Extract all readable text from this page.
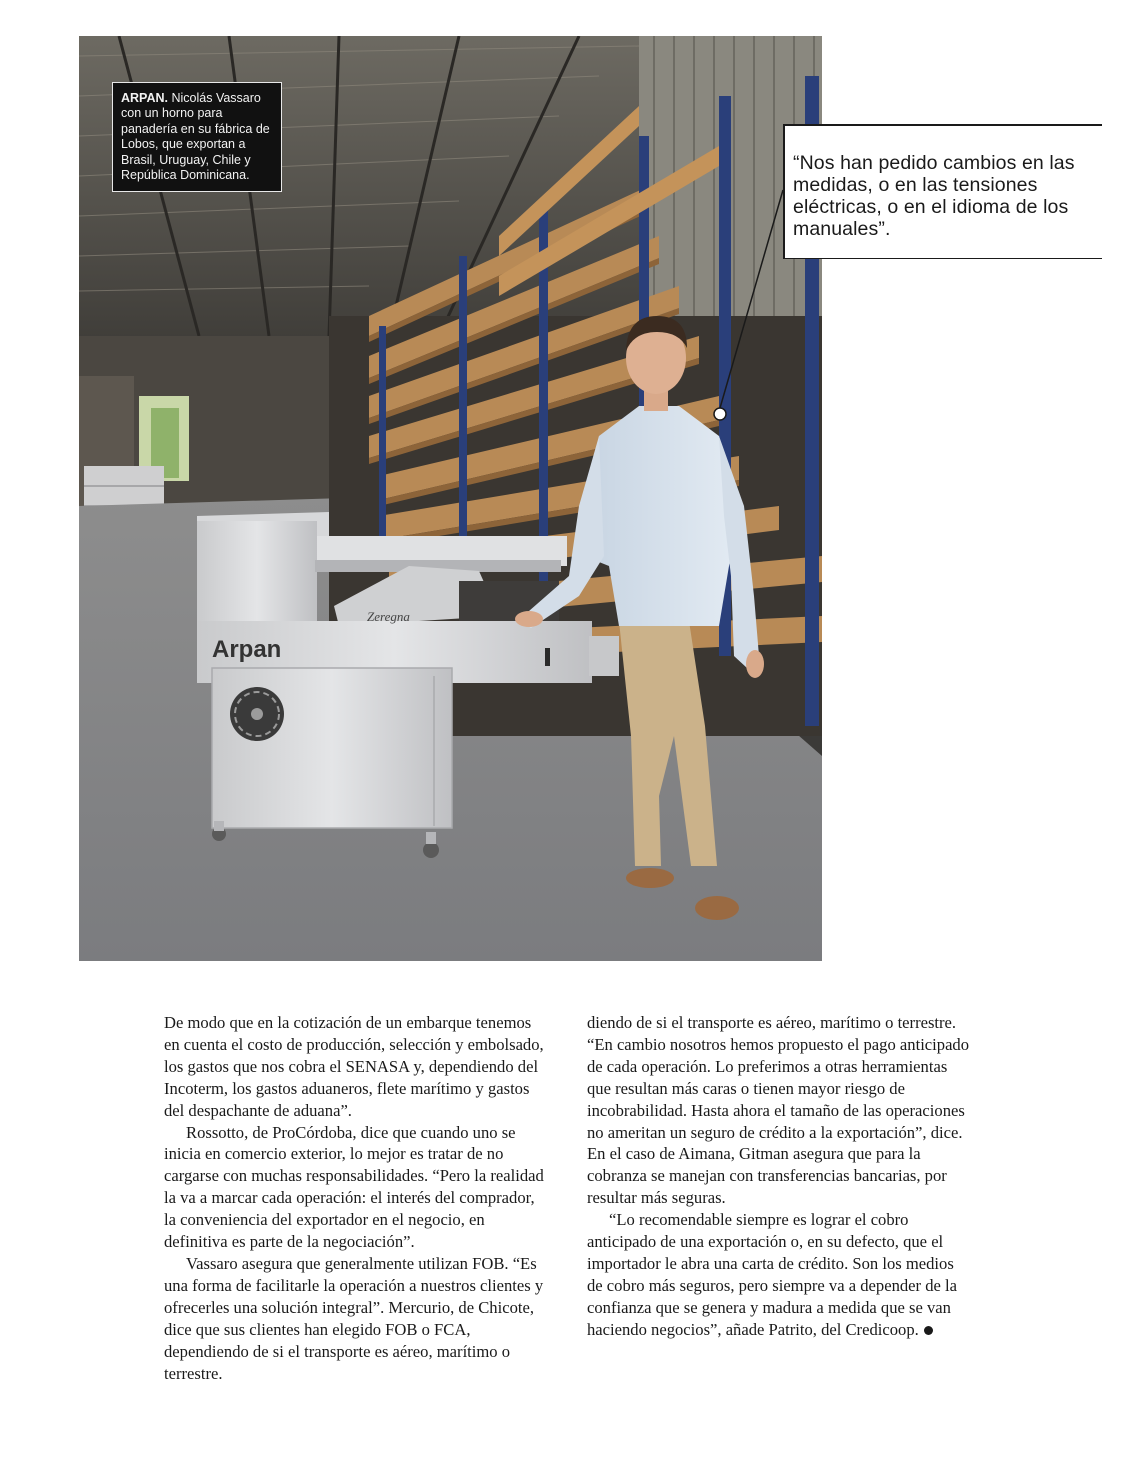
Arpan
Zeregna
ARPAN. Nicolás Vassaro con un horno para panadería en su fábrica de Lobos, que exportan a Brasil, Uruguay, Chile y República Dominicana.
“Nos han pedido cambios en las medidas, o en las tensiones eléctricas, o en el idioma de los manuales”.

De modo que en la cotización de un embarque tenemos en cuenta el costo de producción, selección y embolsado, los gastos que nos cobra el SENASA y, dependiendo del Incoterm, los gastos aduaneros, flete marítimo y gastos del despachante de aduana”.

Rossotto, de ProCórdoba, dice que cuando uno se inicia en comercio exterior, lo mejor es tratar de no cargarse con muchas responsabilidades. “Pero la realidad la va a marcar cada operación: el interés del comprador, la conveniencia del exportador en el negocio, en definitiva es parte de la negociación”.

Vassaro asegura que generalmente utilizan FOB. “Es una forma de facilitarle la operación a nuestros clientes y ofrecerles una solución integral”. Mercurio, de Chicote, dice que sus clientes han elegido FOB o FCA, dependiendo de si el transporte es aéreo, marítimo o terrestre.

diendo de si el transporte es aéreo, marítimo o terrestre. “En cambio nosotros hemos propuesto el pago anticipado de cada operación. Lo preferimos a otras herramientas que resultan más caras o tienen mayor riesgo de incobrabilidad. Hasta ahora el tamaño de las operaciones no ameritan un seguro de crédito a la exportación”, dice. En el caso de Aimana, Gitman asegura que para la cobranza se manejan con transferencias bancarias, por resultar más seguras.

“Lo recomendable siempre es lograr el cobro anticipado de una exportación o, en su defecto, que el importador le abra una carta de crédito. Son los medios de cobro más seguros, pero siempre va a depender de la confianza que se genera y madura a medida que se van haciendo negocios”, añade Patrito, del Credicoop.
